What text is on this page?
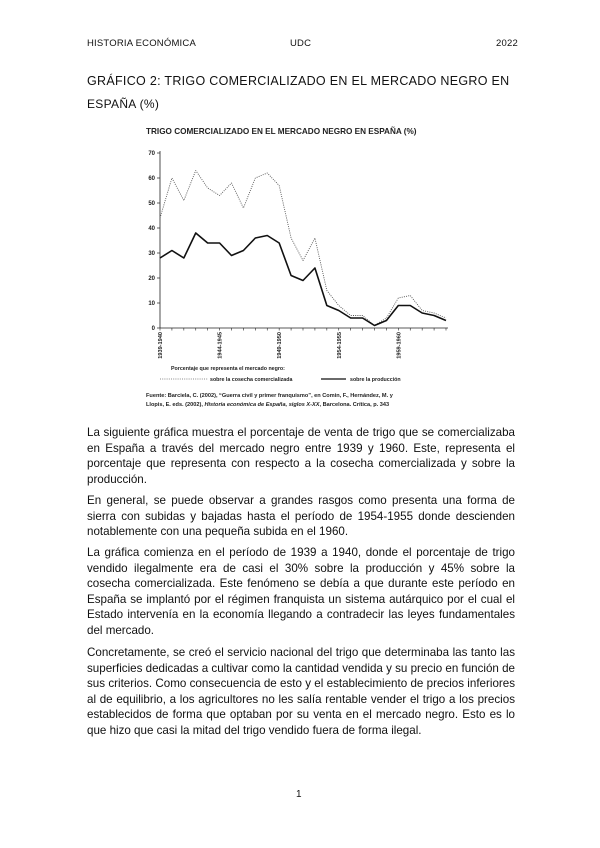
HISTORIA ECONÓMICA	UDC	2022
GRÁFICO 2: TRIGO COMERCIALIZADO EN EL MERCADO NEGRO EN
ESPAÑA (%)
TRIGO COMERCIALIZADO EN EL MERCADO NEGRO EN ESPAÑA (%)
0
10
20
30
40
50
60
70
1939-1940	1944-1945	1949-1950	1954-1955	1959-1960
Porcentaje que representa el mercado negro:
sobre la cosecha comercializada	sobre la producción
Fuente: Barciela, C. (2002), “Guerra civil y primer franquismo”, en Comin, F., Hernández, M. y
Llopis, E. eds. (2002), Historia económica de España, siglos X-XX, Barcelona. Crítica, p. 343

La siguiente gráfica muestra el porcentaje de venta de trigo que se comercializaba en España a través del mercado negro entre 1939 y 1960. Este, representa el porcentaje que representa con respecto a la cosecha comercializada y sobre la producción.

En general, se puede observar a grandes rasgos como presenta una forma de sierra con subidas y bajadas hasta el período de 1954-1955 donde descienden notablemente con una pequeña subida en el 1960.

La gráfica comienza en el período de 1939 a 1940, donde el porcentaje de trigo vendido ilegalmente era de casi el 30% sobre la producción y 45% sobre la cosecha comercializada. Este fenómeno se debía a que durante este período en España se implantó por el régimen franquista un sistema autárquico por el cual el Estado intervenía en la economía llegando a contradecir las leyes fundamentales del mercado.

Concretamente, se creó el servicio nacional del trigo que determinaba las tanto las superficies dedicadas a cultivar como la cantidad vendida y su precio en función de sus criterios. Como consecuencia de esto y el establecimiento de precios inferiores al de equilibrio, a los agricultores no les salía rentable vender el trigo a los precios establecidos de forma que optaban por su venta en el mercado negro. Esto es lo que hizo que casi la mitad del trigo vendido fuera de forma ilegal.

1
